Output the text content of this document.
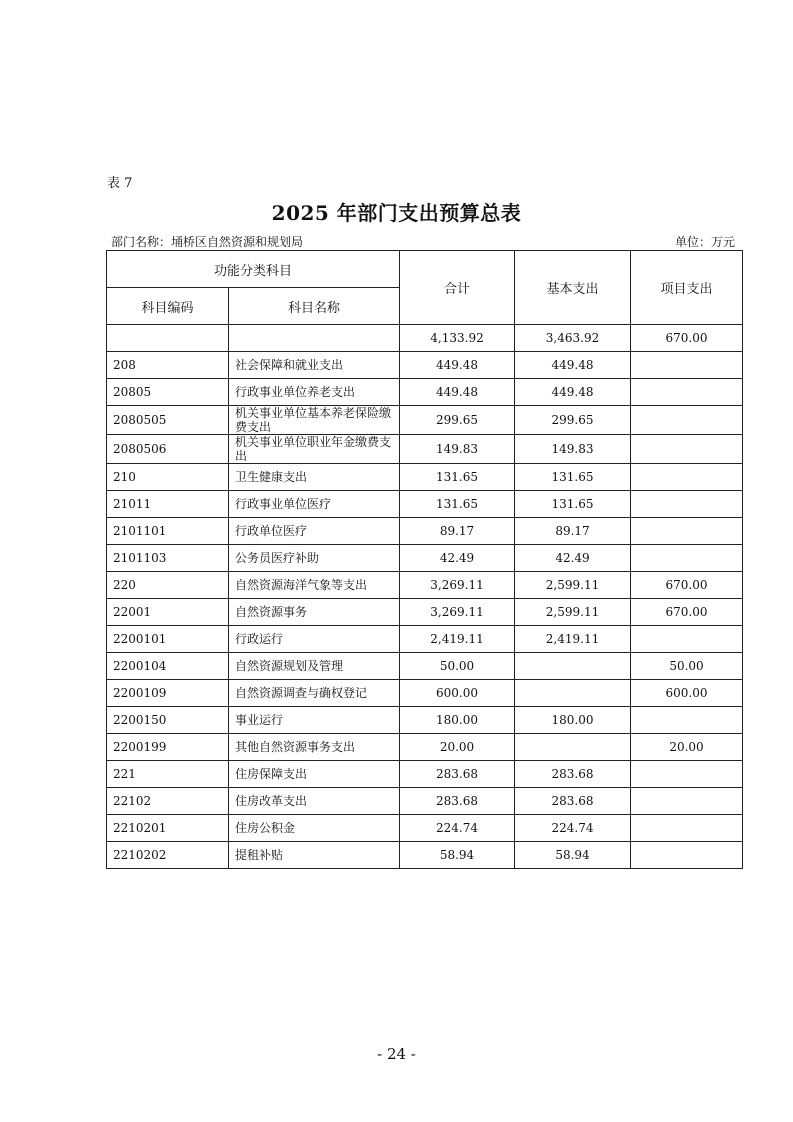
表 7
2025 年部门支出预算总表
部门名称：埇桥区自然资源和规划局	单位：万元
功能分类科目		合计	基本支出	项目支出
科目编码	科目名称			
		4,133.92	3,463.92	670.00
208	社会保障和就业支出	449.48	449.48	
20805	行政事业单位养老支出	449.48	449.48	
2080505	机关事业单位基本养老保险缴费支出	299.65	299.65	
2080506	机关事业单位职业年金缴费支出	149.83	149.83	
210	卫生健康支出	131.65	131.65	
21011	行政事业单位医疗	131.65	131.65	
2101101	行政单位医疗	89.17	89.17	
2101103	公务员医疗补助	42.49	42.49	
220	自然资源海洋气象等支出	3,269.11	2,599.11	670.00
22001	自然资源事务	3,269.11	2,599.11	670.00
2200101	行政运行	2,419.11	2,419.11	
2200104	自然资源规划及管理	50.00		50.00
2200109	自然资源调查与确权登记	600.00		600.00
2200150	事业运行	180.00	180.00	
2200199	其他自然资源事务支出	20.00		20.00
221	住房保障支出	283.68	283.68	
22102	住房改革支出	283.68	283.68	
2210201	住房公积金	224.74	224.74	
2210202	提租补贴	58.94	58.94	
- 24 -
